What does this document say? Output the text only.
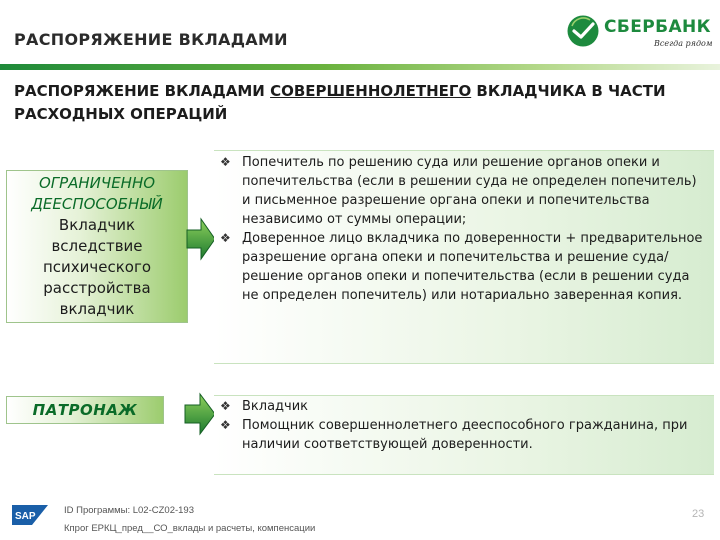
РАСПОРЯЖЕНИЕ ВКЛАДАМИ
СБЕРБАНК
Всегда рядом
РАСПОРЯЖЕНИЕ ВКЛАДАМИ СОВЕРШЕННОЛЕТНЕГО ВКЛАДЧИКА В ЧАСТИ РАСХОДНЫХ ОПЕРАЦИЙ
ОГРАНИЧЕННО ДЕЕСПОСОБНЫЙ
Вкладчик вследствие психического расстройства вкладчик
❖ Попечитель по решению суда или решение органов опеки и попечительства (если в решении суда не определен попечитель) и письменное разрешение органа опеки и попечительства независимо от суммы операции;
❖ Доверенное лицо вкладчика по доверенности + предварительное разрешение органа опеки и попечительства и решение суда/решение органов опеки и попечительства (если в решении суда не определен попечитель) или нотариально заверенная копия.
ПАТРОНАЖ	❖ Вкладчик
❖ Помощник совершеннолетнего дееспособного гражданина, при наличии соответствующей доверенности.
SAP
ID Программы: L02-CZ02-193
Кпрог ЕРКЦ_пред__СО_вклады и расчеты, компенсации
23
